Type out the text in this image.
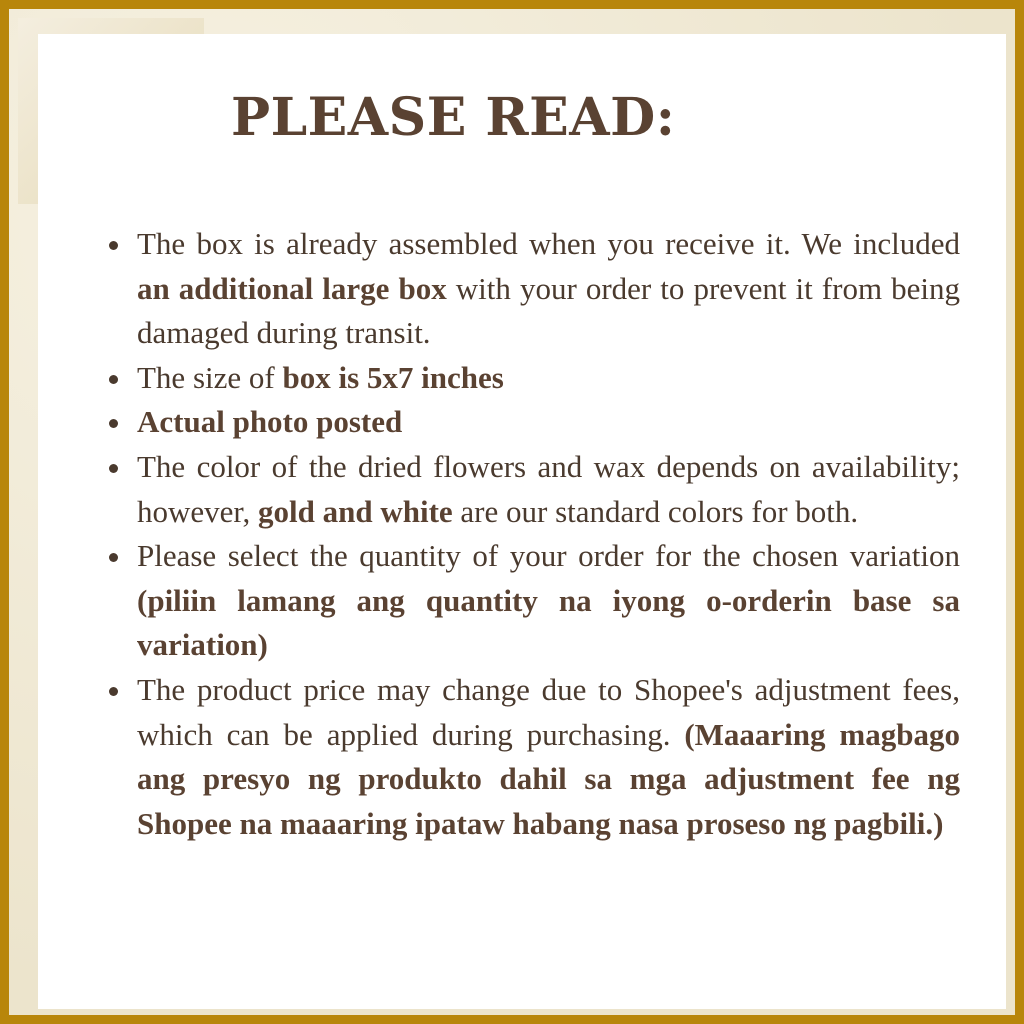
PLEASE READ:
The box is already assembled when you receive it. We included an additional large box with your order to prevent it from being damaged during transit.
The size of box is 5x7 inches
Actual photo posted
The color of the dried flowers and wax depends on availability; however, gold and white are our standard colors for both.
Please select the quantity of your order for the chosen variation (piliin lamang ang quantity na iyong o-orderin base sa variation)
The product price may change due to Shopee's adjustment fees, which can be applied during purchasing. (Maaaring magbago ang presyo ng produkto dahil sa mga adjustment fee ng Shopee na maaaring ipataw habang nasa proseso ng pagbili.)
